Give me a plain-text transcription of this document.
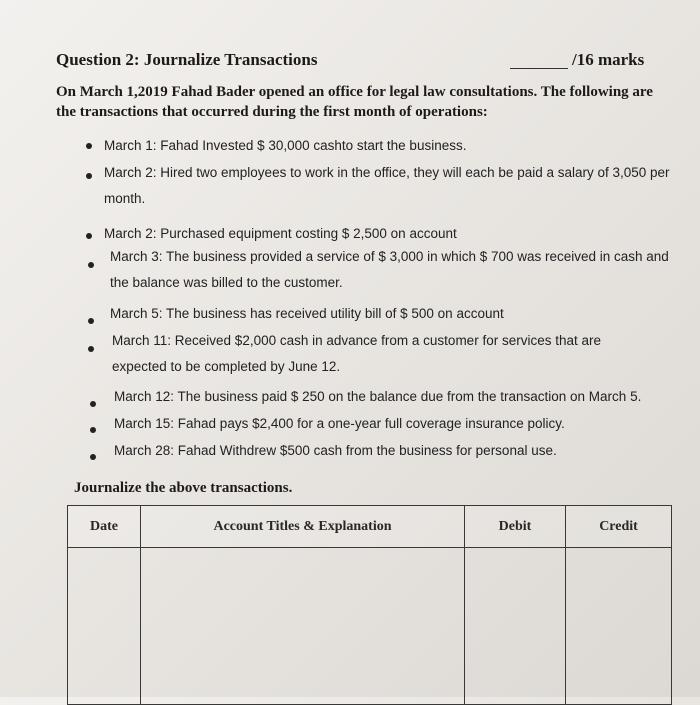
Question 2: Journalize Transactions	/16 marks
On March 1,2019 Fahad Bader opened an office for legal law consultations. The following are the transactions that occurred during the first month of operations:
March 1: Fahad Invested $ 30,000 cashto start the business.
March 2: Hired two employees to work in the office, they will each be paid a salary of 3,050 per month.
March 2: Purchased equipment costing $ 2,500 on account
March 3: The business provided a service of $ 3,000 in which $ 700 was received in cash and the balance was billed to the customer.
March 5: The business has received utility bill of $ 500 on account
March 11: Received $2,000 cash in advance from a customer for services that are expected to be completed by June 12.
March 12: The business paid $ 250 on the balance due from the transaction on March 5.
March 15: Fahad pays $2,400 for a one-year full coverage insurance policy.
March 28: Fahad Withdrew $500 cash from the business for personal use.
Journalize the above transactions.
Date	Account Titles & Explanation	Debit	Credit
